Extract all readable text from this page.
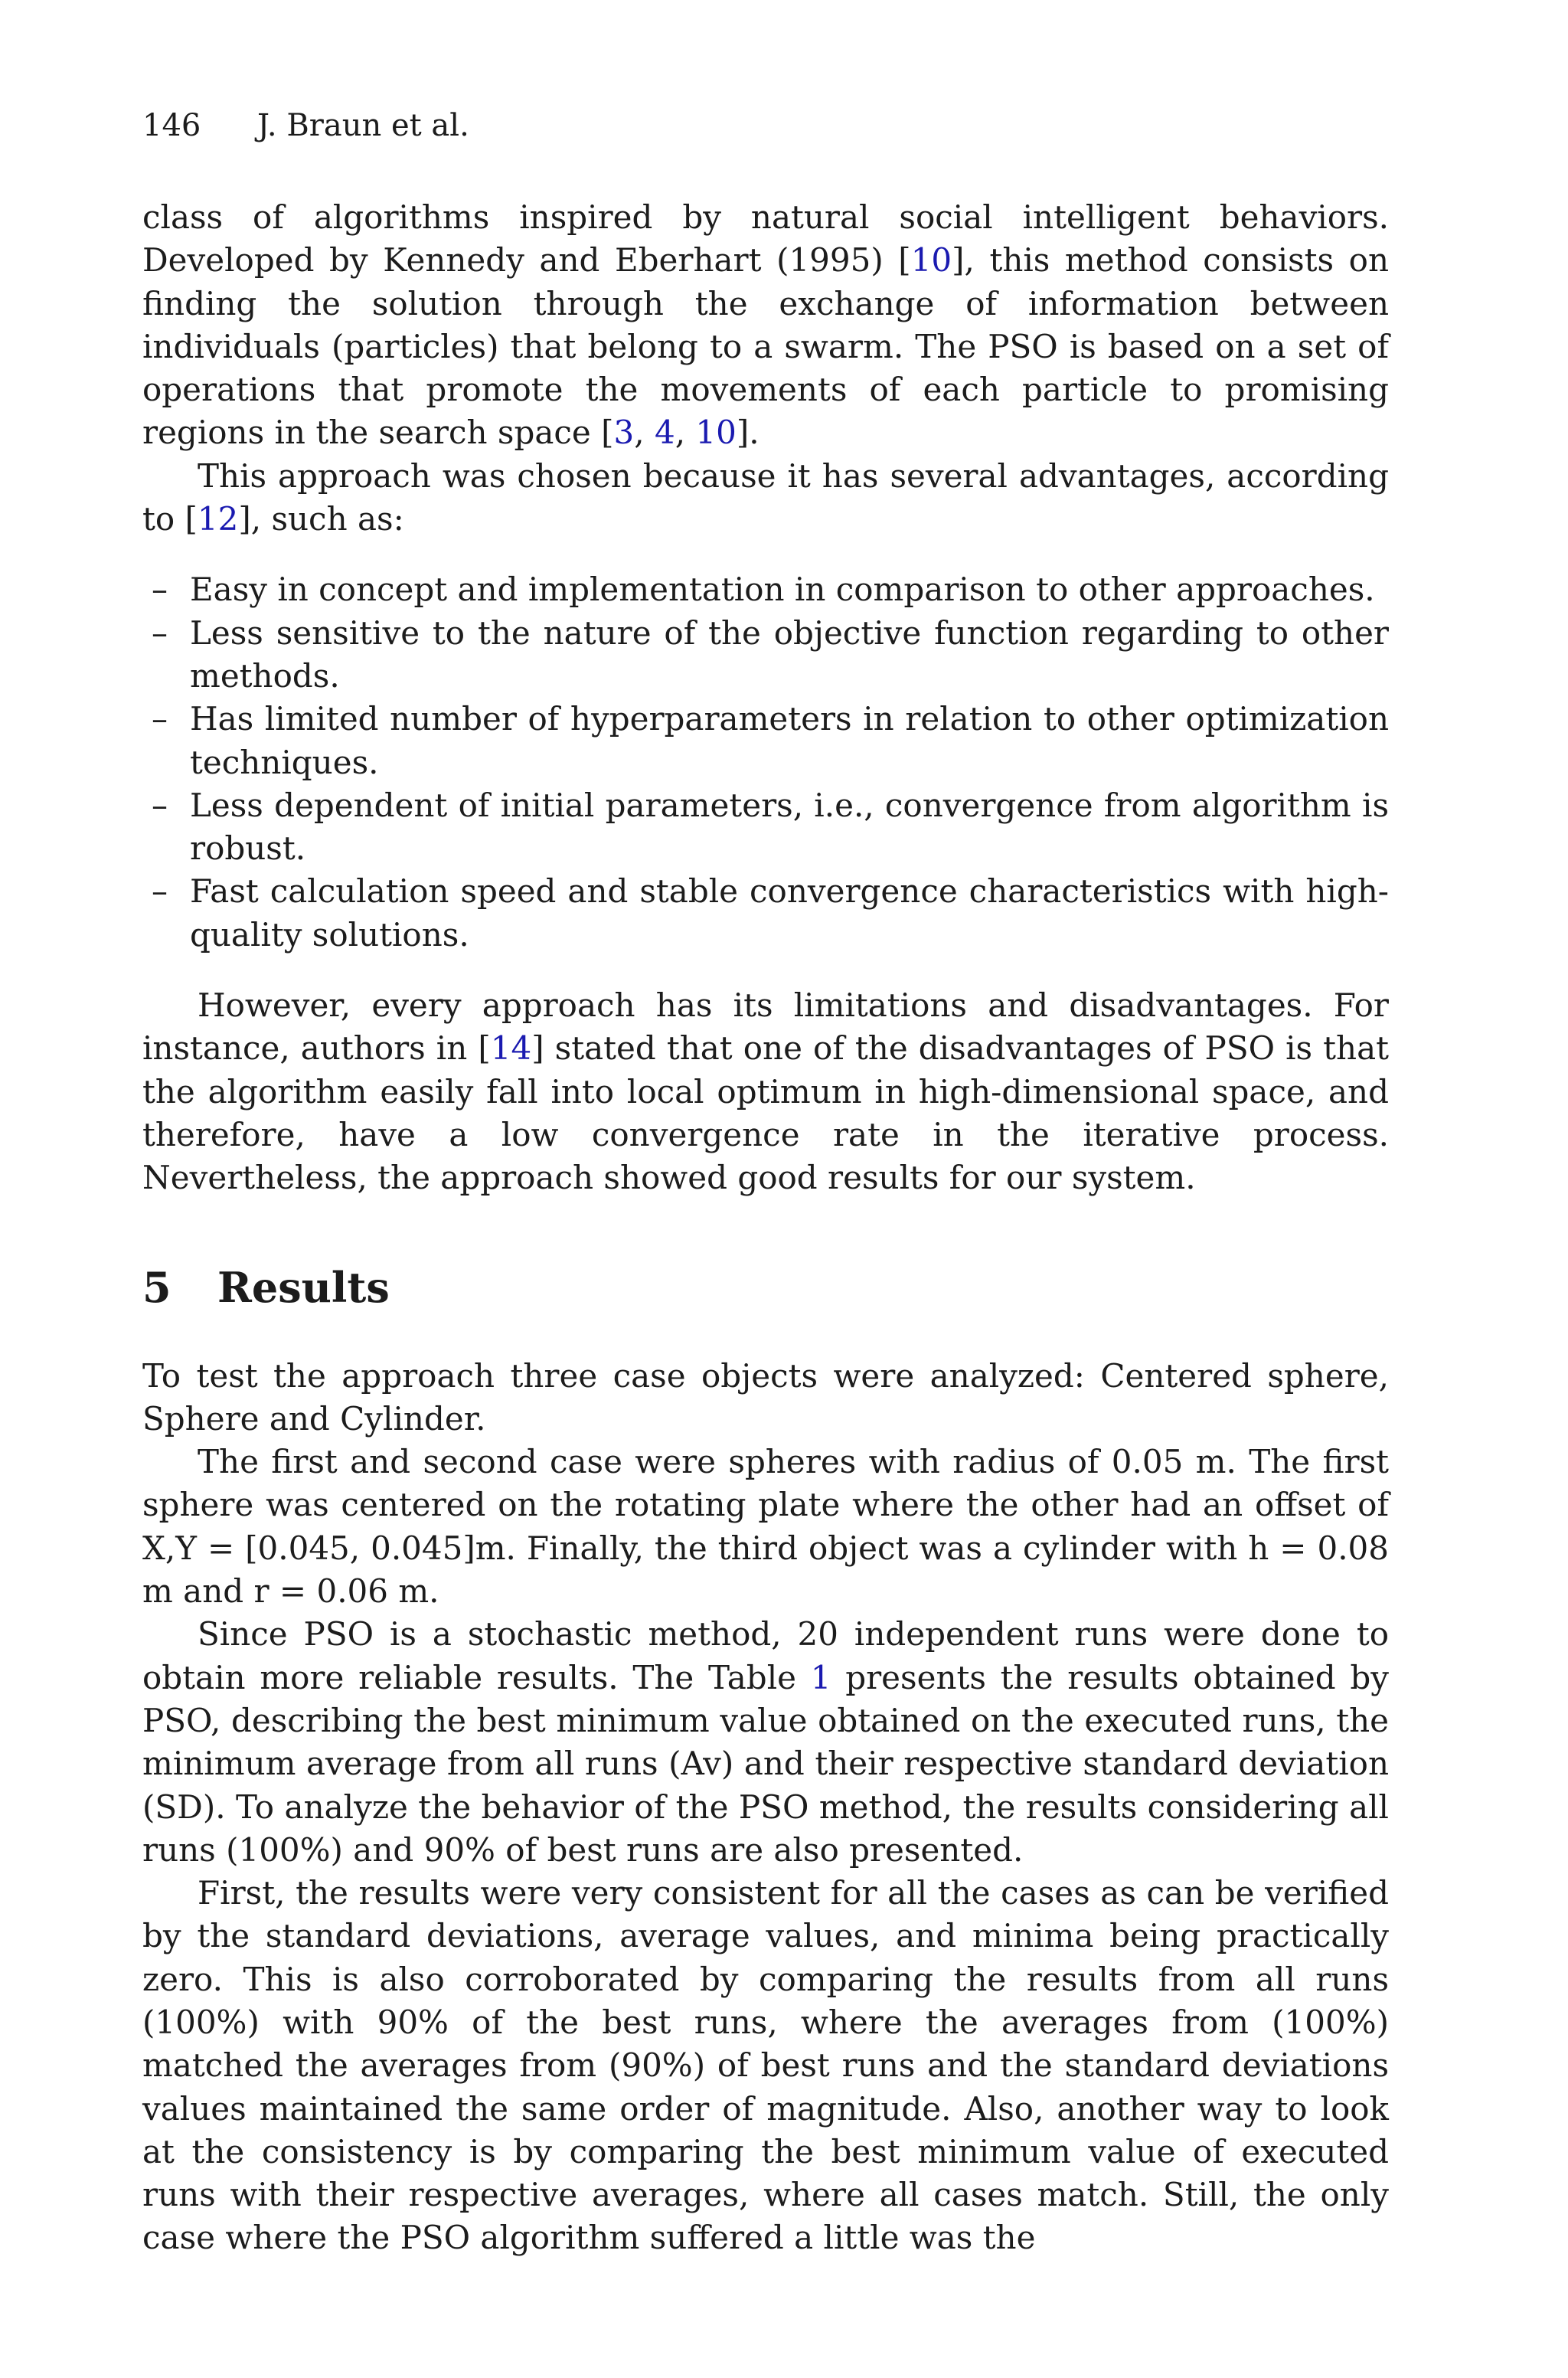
146 J. Braun et al.

class of algorithms inspired by natural social intelligent behaviors. Developed by Kennedy and Eberhart (1995) [10], this method consists on finding the solution through the exchange of information between individuals (particles) that belong to a swarm. The PSO is based on a set of operations that promote the movements of each particle to promising regions in the search space [3, 4, 10].

This approach was chosen because it has several advantages, according to [12], such as:

– Easy in concept and implementation in comparison to other approaches.
– Less sensitive to the nature of the objective function regarding to other methods.
– Has limited number of hyperparameters in relation to other optimization techniques.
– Less dependent of initial parameters, i.e., convergence from algorithm is robust.
– Fast calculation speed and stable convergence characteristics with high-quality solutions.

However, every approach has its limitations and disadvantages. For instance, authors in [14] stated that one of the disadvantages of PSO is that the algorithm easily fall into local optimum in high-dimensional space, and therefore, have a low convergence rate in the iterative process. Nevertheless, the approach showed good results for our system.

5 Results

To test the approach three case objects were analyzed: Centered sphere, Sphere and Cylinder.

The first and second case were spheres with radius of 0.05 m. The first sphere was centered on the rotating plate where the other had an offset of X,Y = [0.045, 0.045]m. Finally, the third object was a cylinder with h = 0.08 m and r = 0.06 m.

Since PSO is a stochastic method, 20 independent runs were done to obtain more reliable results. The Table 1 presents the results obtained by PSO, describing the best minimum value obtained on the executed runs, the minimum average from all runs (Av) and their respective standard deviation (SD). To analyze the behavior of the PSO method, the results considering all runs (100%) and 90% of best runs are also presented.

First, the results were very consistent for all the cases as can be verified by the standard deviations, average values, and minima being practically zero. This is also corroborated by comparing the results from all runs (100%) with 90% of the best runs, where the averages from (100%) matched the averages from (90%) of best runs and the standard deviations values maintained the same order of magnitude. Also, another way to look at the consistency is by comparing the best minimum value of executed runs with their respective averages, where all cases match. Still, the only case where the PSO algorithm suffered a little was the
